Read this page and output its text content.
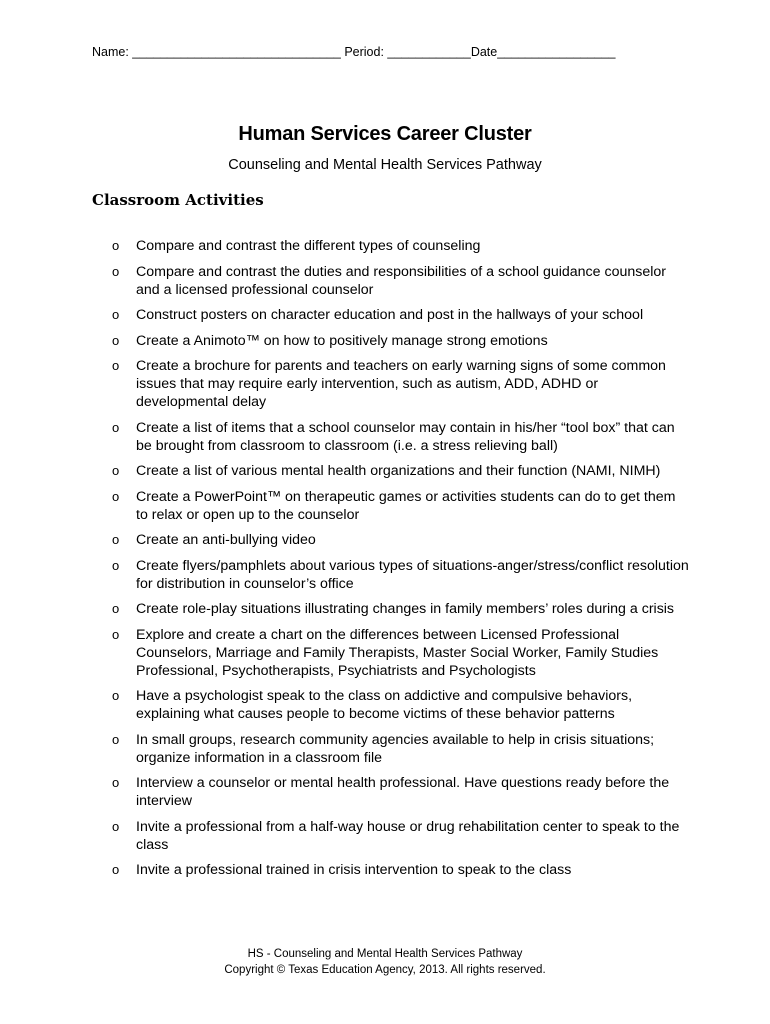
Name: ______________________________ Period: ____________Date_________________
Human Services Career Cluster
Counseling and Mental Health Services Pathway
Classroom Activities
o Compare and contrast the different types of counseling
o Compare and contrast the duties and responsibilities of a school guidance counselor and a licensed professional counselor
o Construct posters on character education and post in the hallways of your school
o Create a Animoto™ on how to positively manage strong emotions
o Create a brochure for parents and teachers on early warning signs of some common issues that may require early intervention, such as autism, ADD, ADHD or developmental delay
o Create a list of items that a school counselor may contain in his/her “tool box” that can be brought from classroom to classroom (i.e. a stress relieving ball)
o Create a list of various mental health organizations and their function (NAMI, NIMH)
o Create a PowerPoint™ on therapeutic games or activities students can do to get them to relax or open up to the counselor
o Create an anti-bullying video
o Create flyers/pamphlets about various types of situations-anger/stress/conflict resolution for distribution in counselor’s office
o Create role-play situations illustrating changes in family members’ roles during a crisis
o Explore and create a chart on the differences between Licensed Professional Counselors, Marriage and Family Therapists, Master Social Worker, Family Studies Professional, Psychotherapists, Psychiatrists and Psychologists
o Have a psychologist speak to the class on addictive and compulsive behaviors, explaining what causes people to become victims of these behavior patterns
o In small groups, research community agencies available to help in crisis situations; organize information in a classroom file
o Interview a counselor or mental health professional. Have questions ready before the interview
o Invite a professional from a half-way house or drug rehabilitation center to speak to the class
o Invite a professional trained in crisis intervention to speak to the class
HS - Counseling and Mental Health Services Pathway
Copyright © Texas Education Agency, 2013. All rights reserved.
